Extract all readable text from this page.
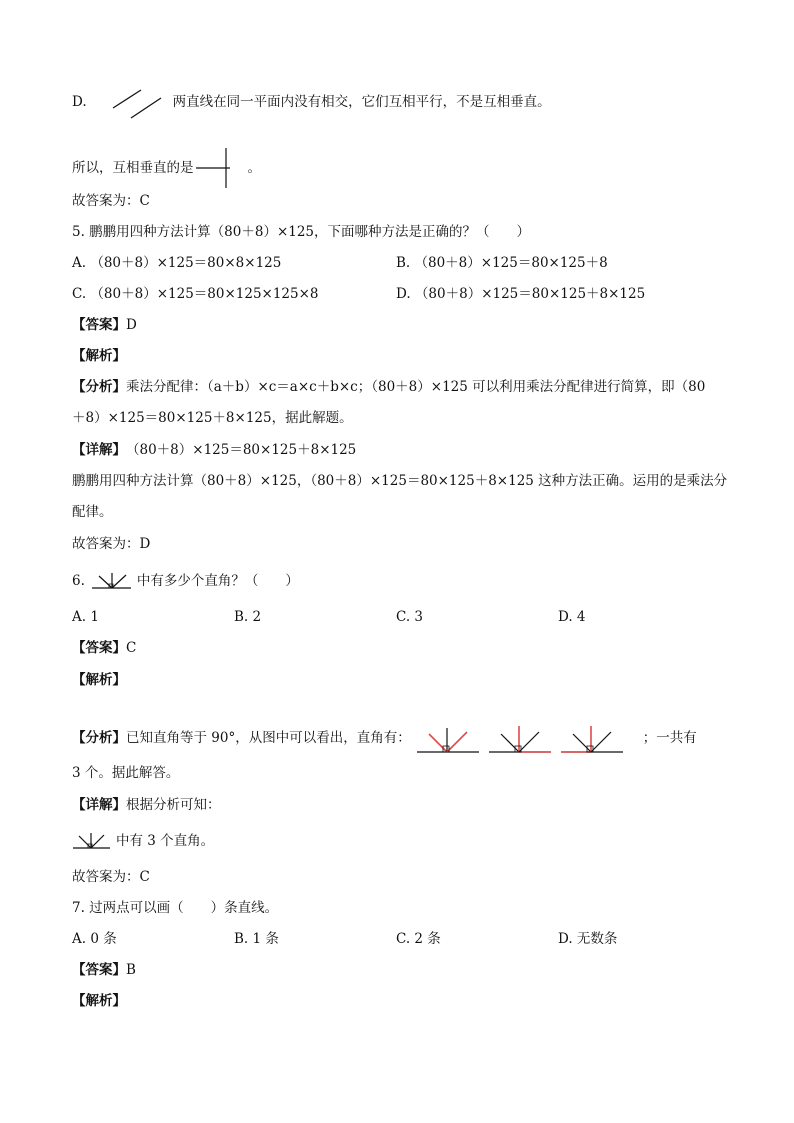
D.	两直线在同一平面内没有相交，它们互相平行，不是互相垂直。
所以，互相垂直的是	。
故答案为：C
5. 鹏鹏用四种方法计算（80＋8）×125，下面哪种方法是正确的？（　　）
A. （80＋8）×125＝80×8×125	B. （80＋8）×125＝80×125＋8
C. （80＋8）×125＝80×125×125×8	D. （80＋8）×125＝80×125＋8×125
【答案】 D
【解析】
【分析】 乘法分配律：（a＋b）×c＝a×c＋b×c；（80＋8）×125 可以利用乘法分配律进行简算，即（80
＋8）×125＝80×125＋8×125，据此解题。
【详解】 （80＋8）×125＝80×125＋8×125
鹏鹏用四种方法计算（80＋8）×125，（80＋8）×125＝80×125＋8×125 这种方法正确。运用的是乘法分
配律。
故答案为：D
6.	中有多少个直角？（　　）
A. 1	B. 2	C. 3	D. 4
【答案】 C
【解析】
【分析】 已知直角等于 90°，从图中可以看出，直角有：	；一共有
3 个。据此解答。
【详解】 根据分析可知：
中有 3 个直角。
故答案为：C
7. 过两点可以画（　　）条直线。
A. 0 条	B. 1 条	C. 2 条	D. 无数条
【答案】 B
【解析】
